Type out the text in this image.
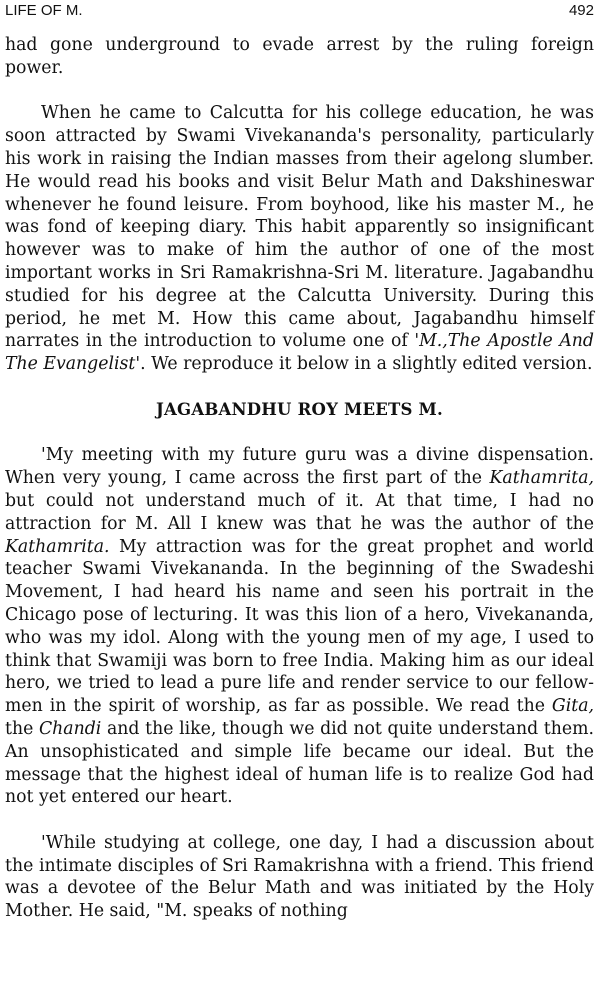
LIFE OF M.	492

had gone underground to evade arrest by the ruling foreign power.

When he came to Calcutta for his college education, he was soon attracted by Swami Vivekananda's personality, particularly his work in raising the Indian masses from their agelong slumber. He would read his books and visit Belur Math and Dakshineswar whenever he found leisure. From boyhood, like his master M., he was fond of keeping diary. This habit apparently so insignificant however was to make of him the author of one of the most important works in Sri Ramakrishna-Sri M. literature. Jagabandhu studied for his degree at the Calcutta University. During this period, he met M. How this came about, Jagabandhu himself narrates in the introduction to volume one of 'M.,The Apostle And The Evangelist'. We reproduce it below in a slightly edited version.

JAGABANDHU ROY MEETS M.

'My meeting with my future guru was a divine dispensation. When very young, I came across the first part of the Kathamrita, but could not understand much of it. At that time, I had no attraction for M. All I knew was that he was the author of the Kathamrita. My attraction was for the great prophet and world teacher Swami Vivekananda. In the beginning of the Swadeshi Movement, I had heard his name and seen his portrait in the Chicago pose of lecturing. It was this lion of a hero, Vivekananda, who was my idol. Along with the young men of my age, I used to think that Swamiji was born to free India. Making him as our ideal hero, we tried to lead a pure life and render service to our fellow-men in the spirit of worship, as far as possible. We read the Gita, the Chandi and the like, though we did not quite understand them. An unsophisticated and simple life became our ideal. But the message that the highest ideal of human life is to realize God had not yet entered our heart.

'While studying at college, one day, I had a discussion about the intimate disciples of Sri Ramakrishna with a friend. This friend was a devotee of the Belur Math and was initiated by the Holy Mother. He said, "M. speaks of nothing
